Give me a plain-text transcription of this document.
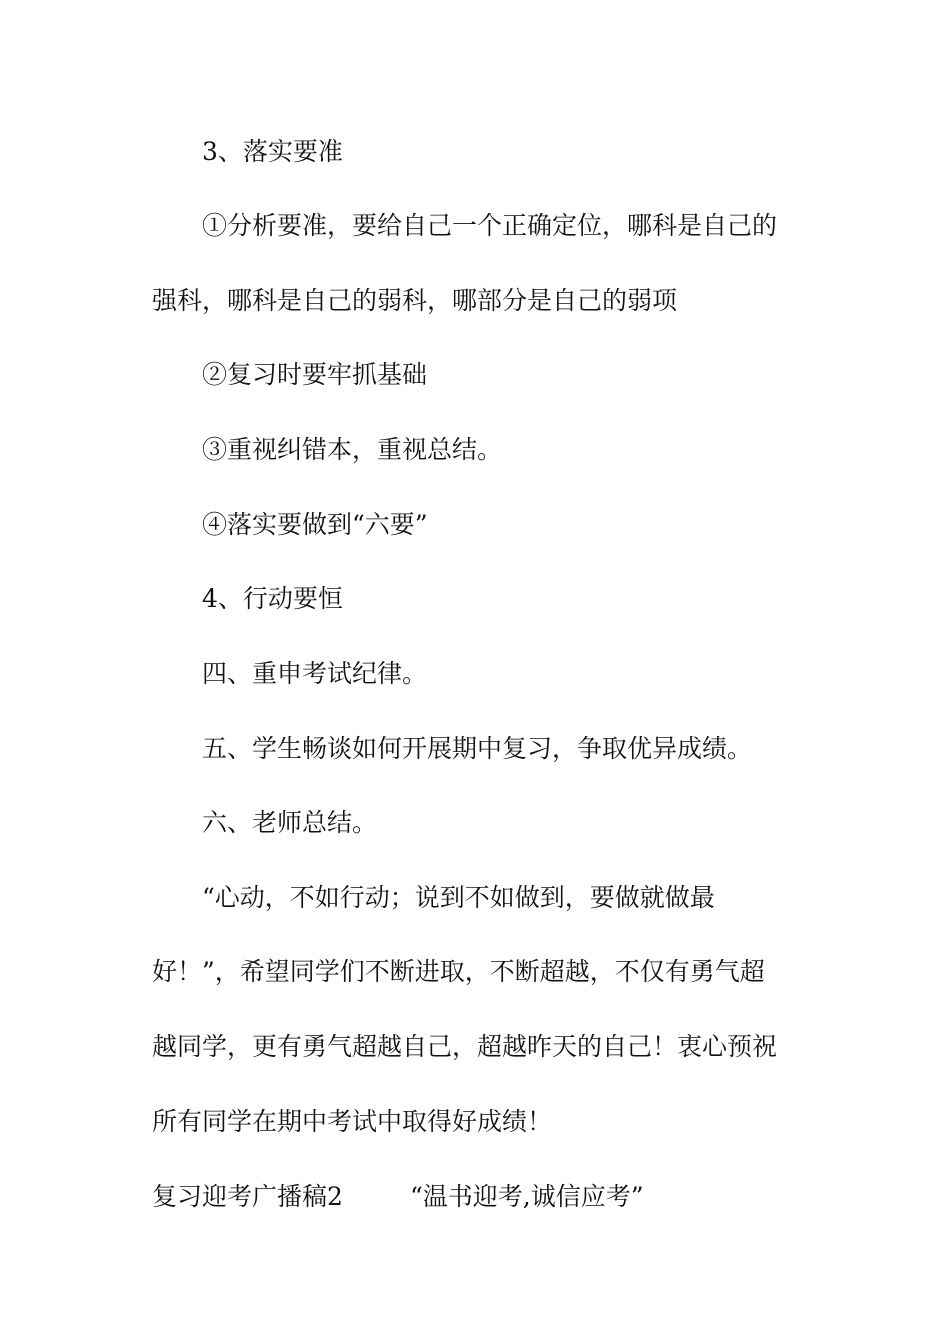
3、落实要准
①分析要准，要给自己一个正确定位，哪科是自己的
强科，哪科是自己的弱科，哪部分是自己的弱项
②复习时要牢抓基础
③重视纠错本，重视总结。
④落实要做到“六要”
4、行动要恒
四、重申考试纪律。
五、学生畅谈如何开展期中复习，争取优异成绩。
六、老师总结。
“心动，不如行动；说到不如做到，要做就做最
好！”，希望同学们不断进取，不断超越，不仅有勇气超
越同学，更有勇气超越自己，超越昨天的自己！衷心预祝
所有同学在期中考试中取得好成绩！
复习迎考广播稿2	“温书迎考,诚信应考”
